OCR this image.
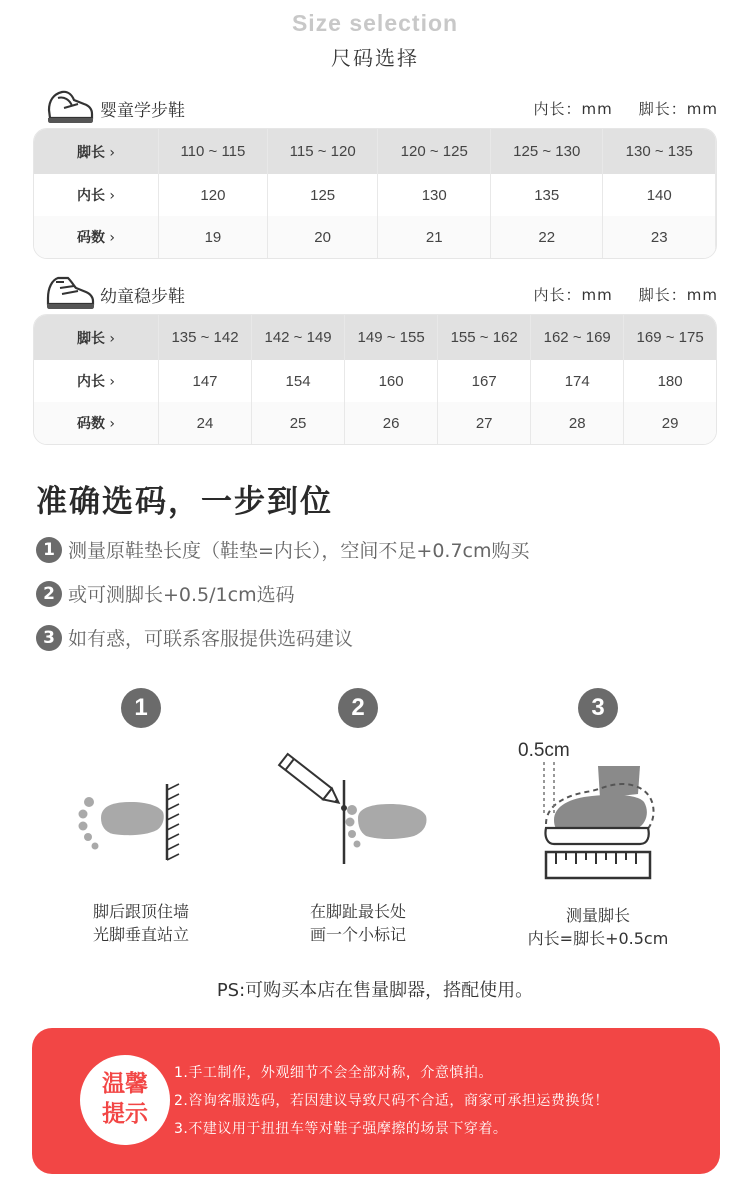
Size selection
尺码选择
婴童学步鞋	内长：mm 脚长：mm
脚长 ›	110 ~ 115	115 ~ 120	120 ~ 125	125 ~ 130	130 ~ 135	
内长 ›	120	125	130	135	140	
码数 ›	19	20	21	22	23	
幼童稳步鞋	内长：mm 脚长：mm
脚长 ›	135 ~ 142	142 ~ 149	149 ~ 155	155 ~ 162	162 ~ 169	169 ~ 175
内长 ›	147	154	160	167	174	180
码数 ›	24	25	26	27	28	29
准确选码，一步到位
1 测量原鞋垫长度（鞋垫=内长），空间不足+0.7cm购买
2 或可测脚长+0.5/1cm选码
3 如有惑，可联系客服提供选码建议
1
脚后跟顶住墙
光脚垂直站立
2
在脚趾最长处
画一个小标记
3
0.5cm
测量脚长
内长=脚长+0.5cm
PS:可购买本店在售量脚器，搭配使用。
温馨
提示
1.手工制作，外观细节不会全部对称，介意慎拍。
2.咨询客服选码，若因建议导致尺码不合适，商家可承担运费换货！
3.不建议用于扭扭车等对鞋子强摩擦的场景下穿着。
